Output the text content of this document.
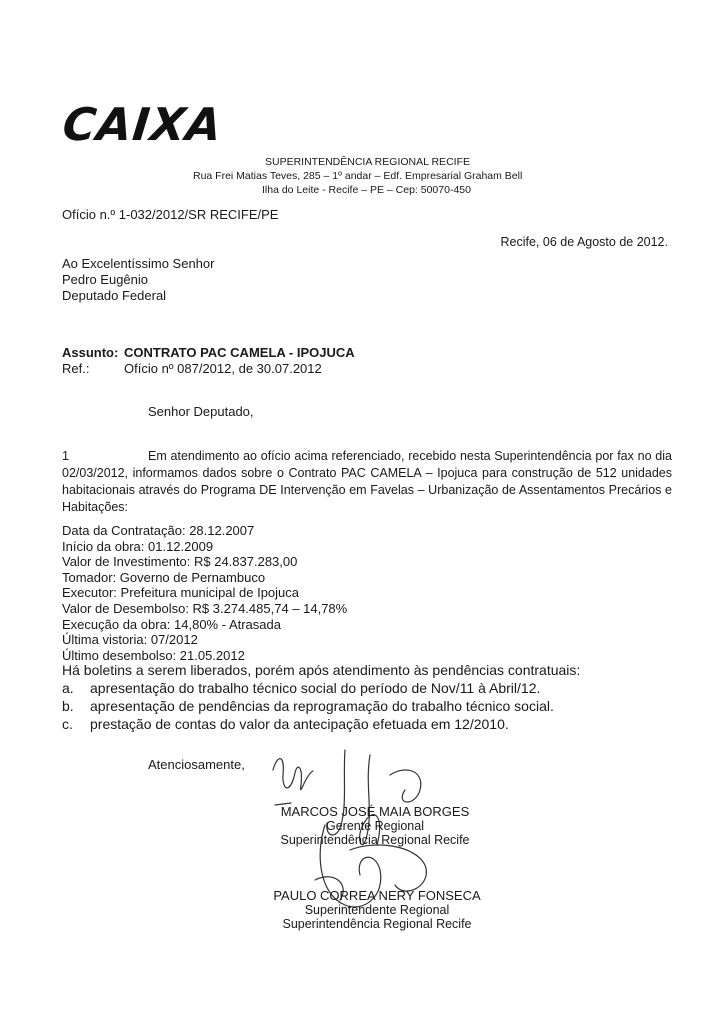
CAIXA
SUPERINTENDÊNCIA REGIONAL RECIFE
Rua Frei Matias Teves, 285 – 1º andar – Edf. Empresarial Graham Bell
Ilha do Leite - Recife – PE – Cep: 50070-450
Ofício n.º 1-032/2012/SR RECIFE/PE
Recife, 06 de Agosto de 2012.
Ao Excelentíssimo Senhor
Pedro Eugênio
Deputado Federal
Assunto: CONTRATO PAC CAMELA - IPOJUCA
Ref.:	Ofício nº 087/2012, de 30.07.2012
Senhor Deputado,
1	Em atendimento ao ofício acima referenciado, recebido nesta Superintendência por fax no dia 02/03/2012, informamos dados sobre o Contrato PAC CAMELA – Ipojuca para construção de 512 unidades habitacionais através do Programa DE Intervenção em Favelas – Urbanização de Assentamentos Precários e Habitações:
Data da Contratação: 28.12.2007
Início da obra: 01.12.2009
Valor de Investimento: R$ 24.837.283,00
Tomador: Governo de Pernambuco
Executor: Prefeitura municipal de Ipojuca
Valor de Desembolso: R$ 3.274.485,74 – 14,78%
Execução da obra: 14,80% - Atrasada
Última vistoria: 07/2012
Último desembolso: 21.05.2012
Há boletins a serem liberados, porém após atendimento às pendências contratuais:
a. apresentação do trabalho técnico social do período de Nov/11 à Abril/12.
b. apresentação de pendências da reprogramação do trabalho técnico social.
c. prestação de contas do valor da antecipação efetuada em 12/2010.
Atenciosamente,
MARCOS JOSÉ MAIA BORGES
Gerente Regional
Superintendência Regional Recife
PAULO CORREA NERY FONSECA
Superintendente Regional
Superintendência Regional Recife
